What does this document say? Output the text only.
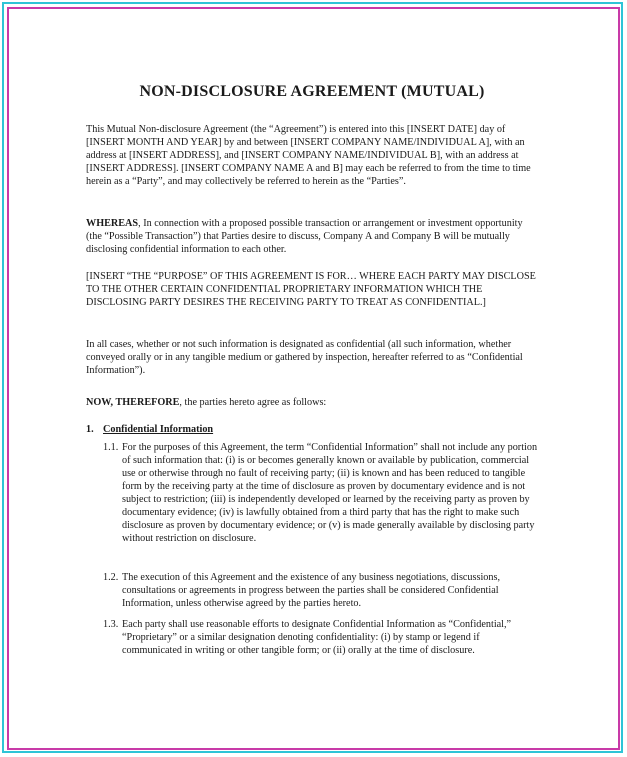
NON-DISCLOSURE AGREEMENT (MUTUAL)

This Mutual Non-disclosure Agreement (the “Agreement”) is entered into this [INSERT DATE] day of [INSERT MONTH AND YEAR] by and between [INSERT COMPANY NAME/INDIVIDUAL A], with an address at [INSERT ADDRESS], and [INSERT COMPANY NAME/INDIVIDUAL B], with an address at [INSERT ADDRESS]. [INSERT COMPANY NAME A and B] may each be referred to from the time to time herein as a “Party”, and may collectively be referred to herein as the “Parties”.

WHEREAS, In connection with a proposed possible transaction or arrangement or investment opportunity (the “Possible Transaction”) that Parties desire to discuss, Company A and Company B will be mutually disclosing confidential information to each other.

[INSERT “THE “PURPOSE” OF THIS AGREEMENT IS FOR… WHERE EACH PARTY MAY DISCLOSE TO THE OTHER CERTAIN CONFIDENTIAL PROPRIETARY INFORMATION WHICH THE DISCLOSING PARTY DESIRES THE RECEIVING PARTY TO TREAT AS CONFIDENTIAL.]

In all cases, whether or not such information is designated as confidential (all such information, whether conveyed orally or in any tangible medium or gathered by inspection, hereafter referred to as “Confidential Information”).

NOW, THEREFORE, the parties hereto agree as follows:

1. Confidential Information
1.1. For the purposes of this Agreement, the term “Confidential Information” shall not include any portion of such information that: (i) is or becomes generally known or available by publication, commercial use or otherwise through no fault of receiving party; (ii) is known and has been reduced to tangible form by the receiving party at the time of disclosure as proven by documentary evidence and is not subject to restriction; (iii) is independently developed or learned by the receiving party as proven by documentary evidence; (iv) is lawfully obtained from a third party that has the right to make such disclosure as proven by documentary evidence; or (v) is made generally available by disclosing party without restriction on disclosure.
1.2. The execution of this Agreement and the existence of any business negotiations, discussions, consultations or agreements in progress between the parties shall be considered Confidential Information, unless otherwise agreed by the parties hereto.
1.3. Each party shall use reasonable efforts to designate Confidential Information as “Confidential,” “Proprietary” or a similar designation denoting confidentiality: (i) by stamp or legend if communicated in writing or other tangible form; or (ii) orally at the time of disclosure.
